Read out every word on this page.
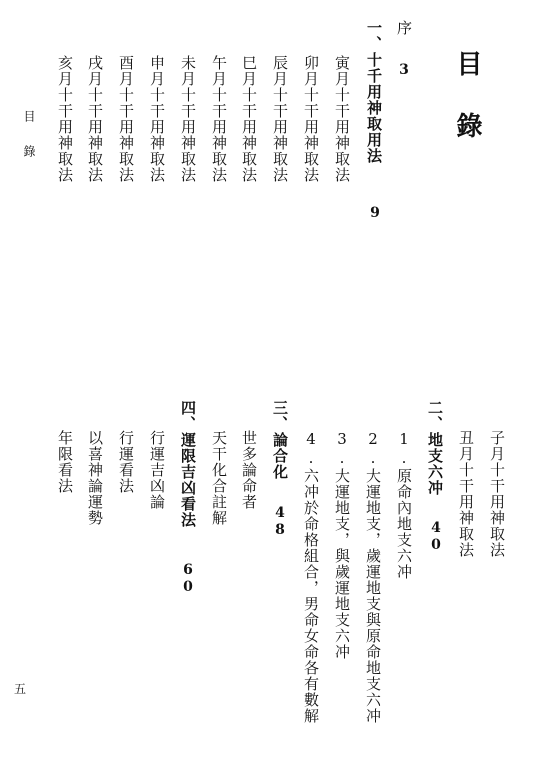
目
錄
序
3
一、十千用神取用法
9
寅月十干用神取法
卯月十干用神取法
辰月十干用神取法
巳月十干用神取法
午月十干用神取法
未月十干用神取法
申月十干用神取法
酉月十干用神取法
戌月十干用神取法
亥月十干用神取法
目
錄
子月十干用神取法
丑月十干用神取法
二、地支六冲
40
1.原命內地支六冲
2.大運地支，歲運地支與原命地支六冲
3.大運地支，與歲運地支六冲
4.六冲於命格組合，男命女命各有數解
三、論合化
48
世多論命者
天干化合註解
四、運限吉凶看法
60
行運吉凶論
行運看法
以喜神論運勢
年限看法
五
